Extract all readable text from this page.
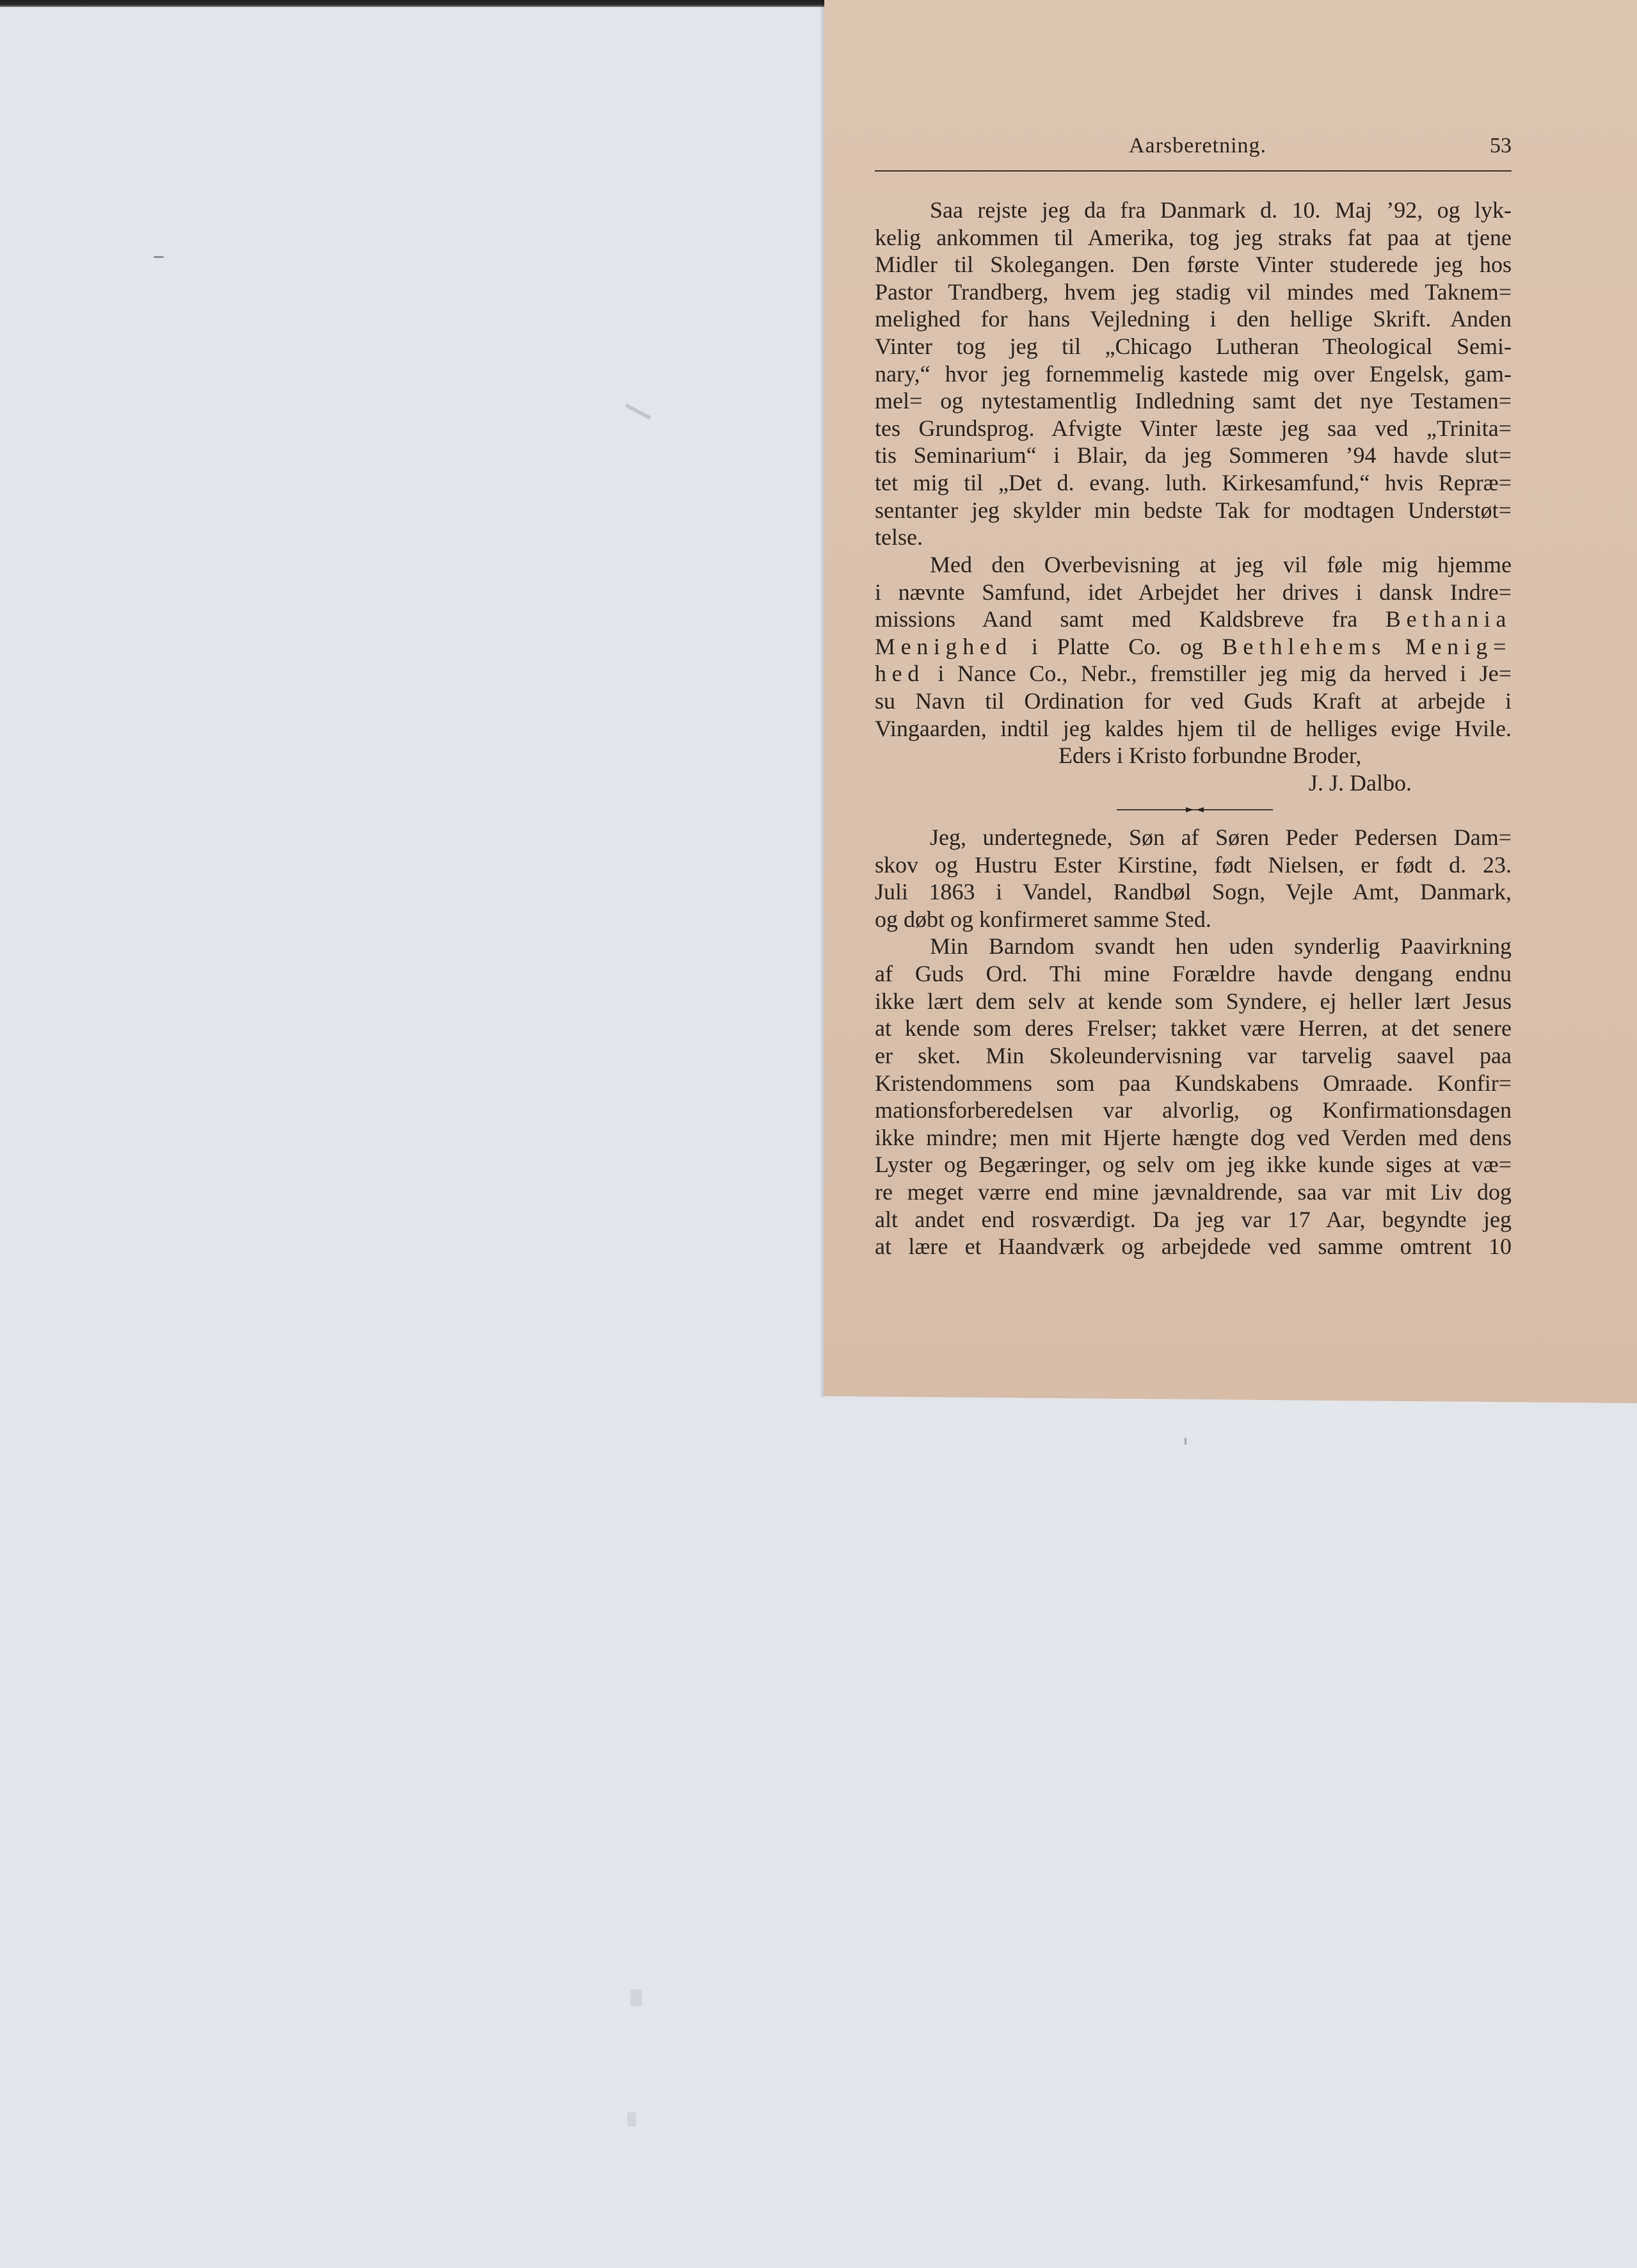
Aarsberetning.	53
Saa rejste jeg da fra Danmark d. 10. Maj ’92, og lyk-
kelig ankommen til Amerika, tog jeg straks fat paa at tjene
Midler til Skolegangen. Den første Vinter studerede jeg hos
Pastor Trandberg, hvem jeg stadig vil mindes med Taknem=
melighed for hans Vejledning i den hellige Skrift. Anden
Vinter tog jeg til „Chicago Lutheran Theological Semi-
nary,“ hvor jeg fornemmelig kastede mig over Engelsk, gam-
mel= og nytestamentlig Indledning samt det nye Testamen=
tes Grundsprog. Afvigte Vinter læste jeg saa ved „Trinita=
tis Seminarium“ i Blair, da jeg Sommeren ’94 havde slut=
tet mig til „Det d. evang. luth. Kirkesamfund,“ hvis Repræ=
sentanter jeg skylder min bedste Tak for modtagen Understøt=
telse.
Med den Overbevisning at jeg vil føle mig hjemme
i nævnte Samfund, idet Arbejdet her drives i dansk Indre=
missions Aand samt med Kaldsbreve fra Bethania
Menighed i Platte Co. og Bethlehems Menig=
hed i Nance Co., Nebr., fremstiller jeg mig da herved i Je=
su Navn til Ordination for ved Guds Kraft at arbejde i
Vingaarden, indtil jeg kaldes hjem til de helliges evige Hvile.
Eders i Kristo forbundne Broder,
J. J. Dalbo.
Jeg, undertegnede, Søn af Søren Peder Pedersen Dam=
skov og Hustru Ester Kirstine, født Nielsen, er født d. 23.
Juli 1863 i Vandel, Randbøl Sogn, Vejle Amt, Danmark,
og døbt og konfirmeret samme Sted.
Min Barndom svandt hen uden synderlig Paavirkning
af Guds Ord. Thi mine Forældre havde dengang endnu
ikke lært dem selv at kende som Syndere, ej heller lært Jesus
at kende som deres Frelser; takket være Herren, at det senere
er sket. Min Skoleundervisning var tarvelig saavel paa
Kristendommens som paa Kundskabens Omraade. Konfir=
mationsforberedelsen var alvorlig, og Konfirmationsdagen
ikke mindre; men mit Hjerte hængte dog ved Verden med dens
Lyster og Begæringer, og selv om jeg ikke kunde siges at væ=
re meget værre end mine jævnaldrende, saa var mit Liv dog
alt andet end rosværdigt. Da jeg var 17 Aar, begyndte jeg
at lære et Haandværk og arbejdede ved samme omtrent 10
